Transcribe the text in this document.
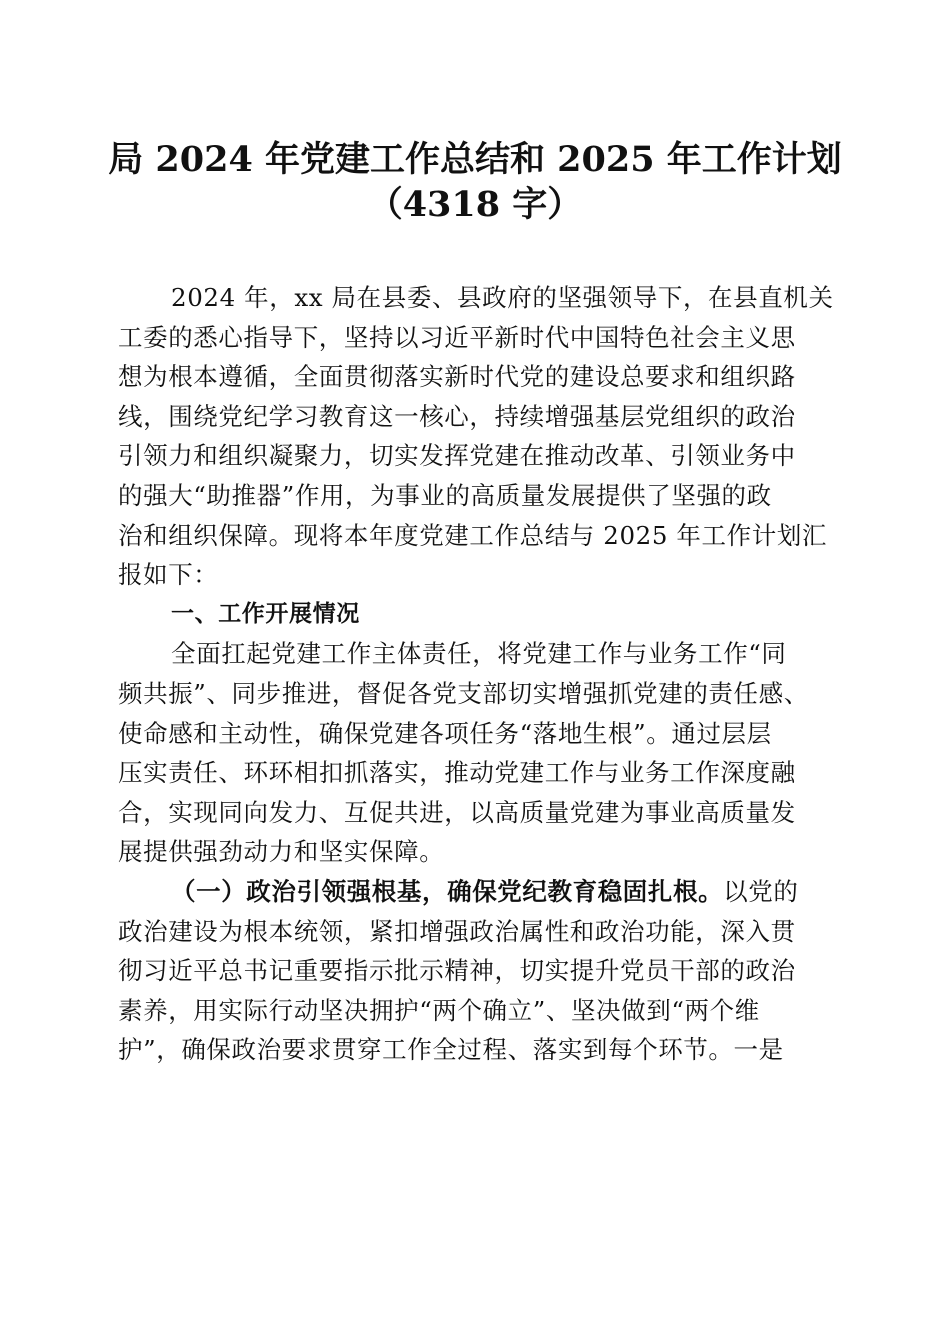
局 2024 年党建工作总结和 2025 年工作计划
（4318 字）
2024 年，xx 局在县委、县政府的坚强领导下，在县直机关
工委的悉心指导下，坚持以习近平新时代中国特色社会主义思
想为根本遵循，全面贯彻落实新时代党的建设总要求和组织路
线，围绕党纪学习教育这一核心，持续增强基层党组织的政治
引领力和组织凝聚力，切实发挥党建在推动改革、引领业务中
的强大“助推器”作用，为事业的高质量发展提供了坚强的政
治和组织保障。现将本年度党建工作总结与 2025 年工作计划汇
报如下：
一、工作开展情况
全面扛起党建工作主体责任，将党建工作与业务工作“同
频共振”、同步推进，督促各党支部切实增强抓党建的责任感、
使命感和主动性，确保党建各项任务“落地生根”。通过层层
压实责任、环环相扣抓落实，推动党建工作与业务工作深度融
合，实现同向发力、互促共进，以高质量党建为事业高质量发
展提供强劲动力和坚实保障。
（一）政治引领强根基，确保党纪教育稳固扎根。以党的
政治建设为根本统领，紧扣增强政治属性和政治功能，深入贯
彻习近平总书记重要指示批示精神，切实提升党员干部的政治
素养，用实际行动坚决拥护“两个确立”、坚决做到“两个维
护”，确保政治要求贯穿工作全过程、落实到每个环节。一是
